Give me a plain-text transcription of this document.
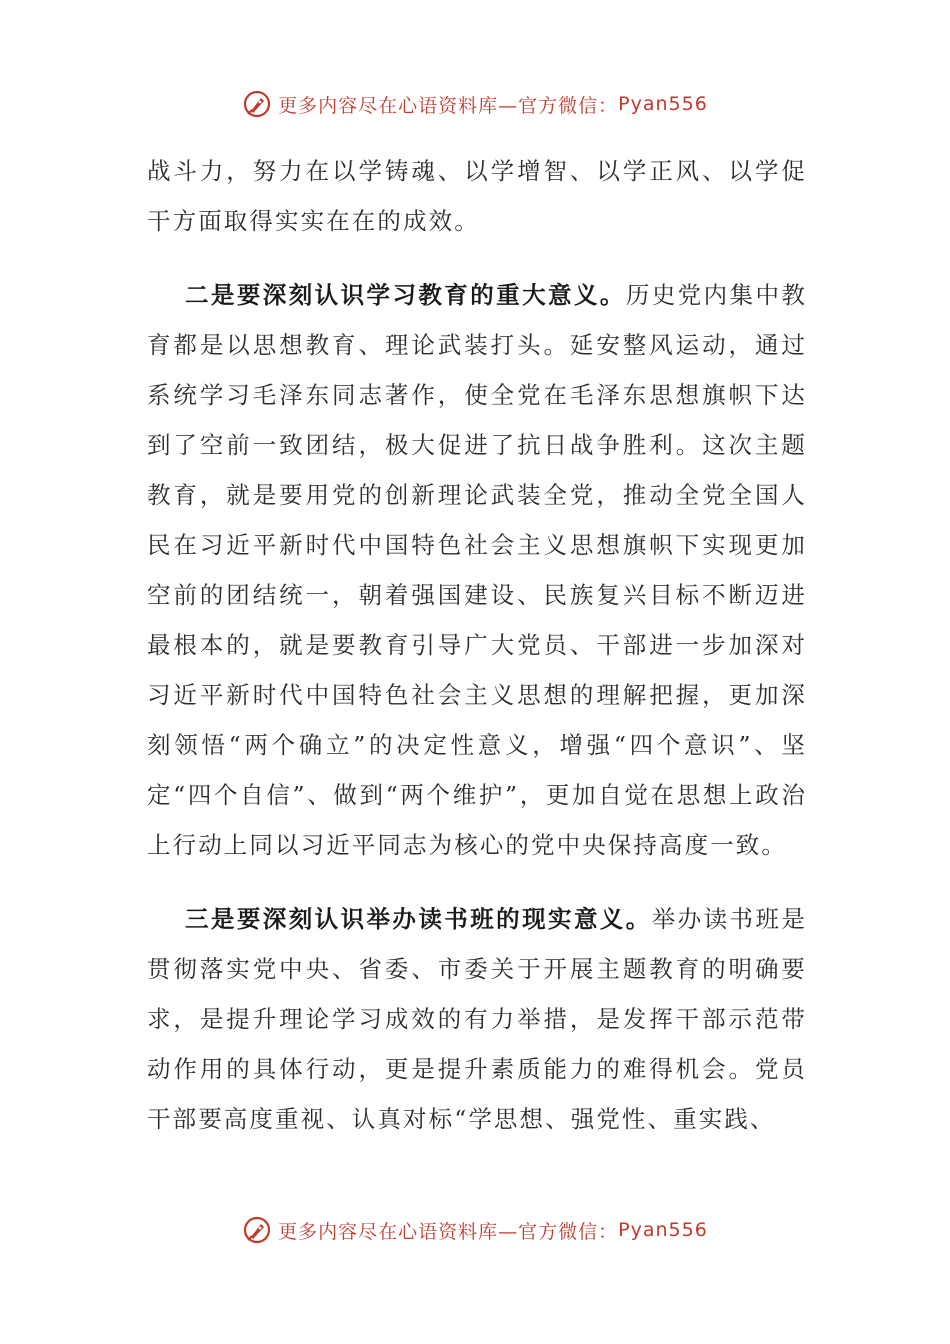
更多内容尽在心语资料库—官方微信： Pyan556

战斗力，努力在以学铸魂、以学增智、以学正风、以学促干方面取得实实在在的成效。

二是要深刻认识学习教育的重大意义。历史党内集中教育都是以思想教育、理论武装打头。延安整风运动，通过系统学习毛泽东同志著作，使全党在毛泽东思想旗帜下达到了空前一致团结，极大促进了抗日战争胜利。这次主题教育，就是要用党的创新理论武装全党，推动全党全国人民在习近平新时代中国特色社会主义思想旗帜下实现更加空前的团结统一，朝着强国建设、民族复兴目标不断迈进最根本的，就是要教育引导广大党员、干部进一步加深对习近平新时代中国特色社会主义思想的理解把握，更加深刻领悟“两个确立”的决定性意义，增强“四个意识”、坚定“四个自信”、做到“两个维护”，更加自觉在思想上政治上行动上同以习近平同志为核心的党中央保持高度一致。

三是要深刻认识举办读书班的现实意义。举办读书班是贯彻落实党中央、省委、市委关于开展主题教育的明确要求，是提升理论学习成效的有力举措，是发挥干部示范带动作用的具体行动，更是提升素质能力的难得机会。党员干部要高度重视、认真对标“学思想、强党性、重实践、

更多内容尽在心语资料库—官方微信： Pyan556
